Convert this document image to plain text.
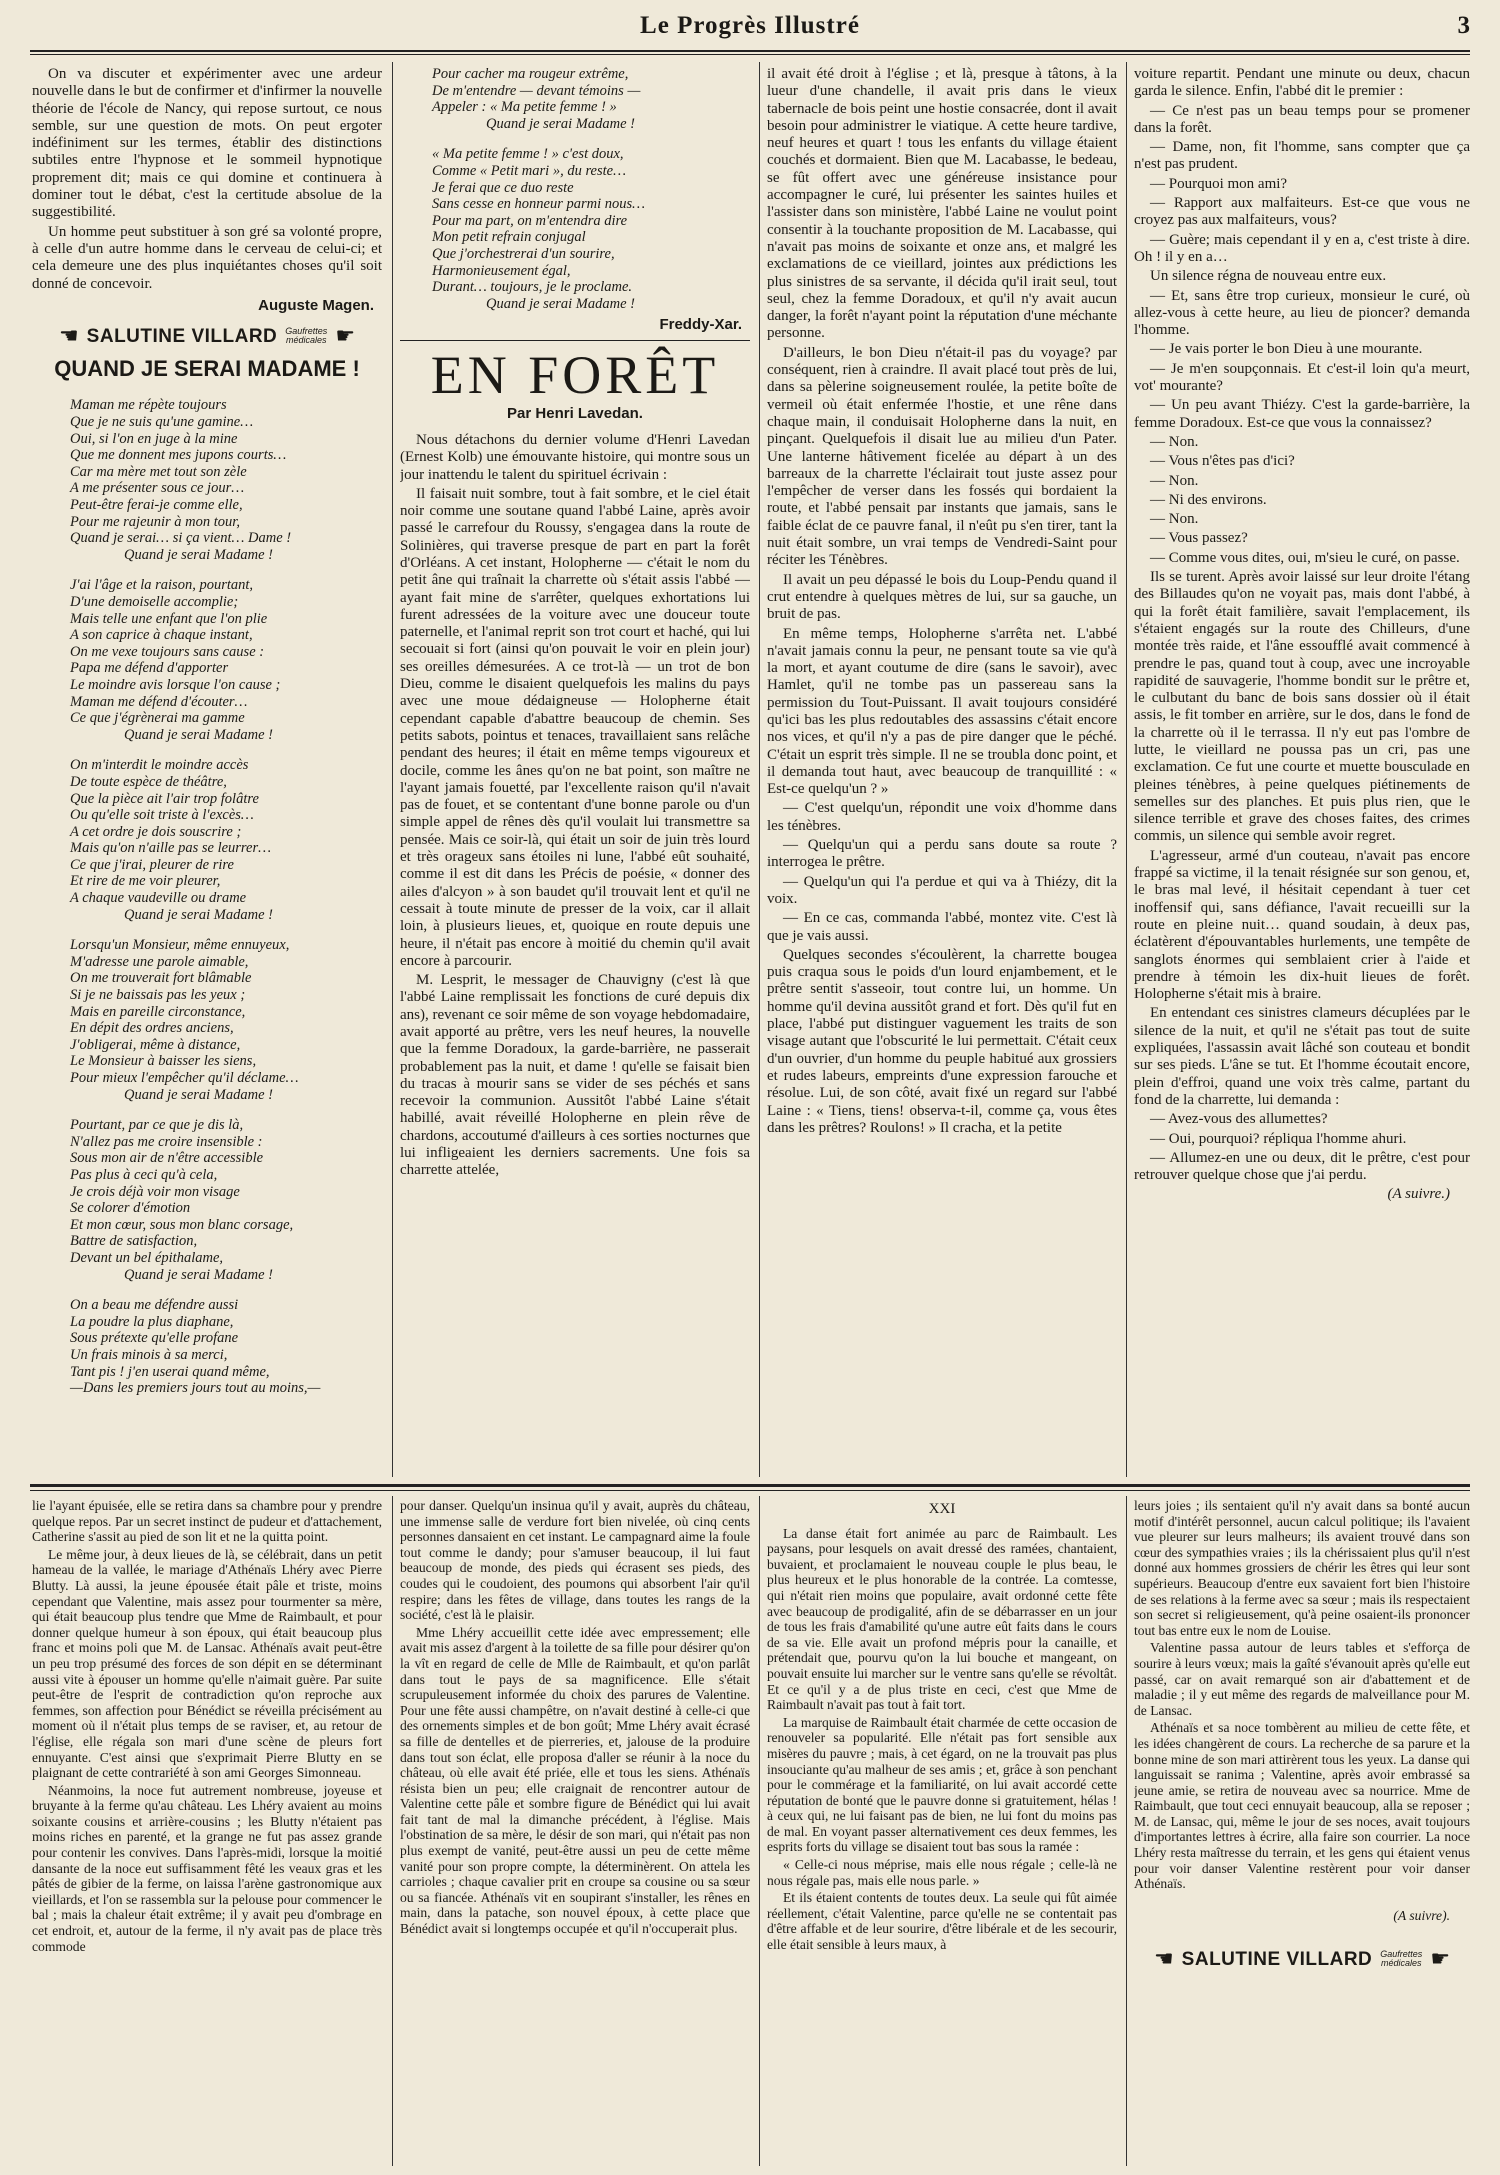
Le Progrès Illustré	3

On va discuter et expérimenter avec une ardeur nouvelle dans le but de confirmer et d'infirmer la nouvelle théorie de l'école de Nancy, qui repose surtout, ce nous semble, sur une question de mots. On peut ergoter indéfiniment sur les termes, établir des distinctions subtiles entre l'hypnose et le sommeil hypnotique proprement dit; mais ce qui domine et continuera à dominer tout le débat, c'est la certitude absolue de la suggestibilité.

Un homme peut substituer à son gré sa volonté propre, à celle d'un autre homme dans le cerveau de celui-ci; et cela demeure une des plus inquiétantes choses qu'il soit donné de concevoir.

Auguste Magen.
☚ SALUTINE VILLARD Gaufrettes
médicales ☛
QUAND JE SERAI MADAME !
Maman me répète toujours
Que je ne suis qu'une gamine…
Oui, si l'on en juge à la mine
Que me donnent mes jupons courts…
Car ma mère met tout son zèle
A me présenter sous ce jour…
Peut-être ferai-je comme elle,
Pour me rajeunir à mon tour,
Quand je serai… si ça vient… Dame !
Quand je serai Madame !
J'ai l'âge et la raison, pourtant,
D'une demoiselle accomplie;
Mais telle une enfant que l'on plie
A son caprice à chaque instant,
On me vexe toujours sans cause :
Papa me défend d'apporter
Le moindre avis lorsque l'on cause ;
Maman me défend d'écouter…
Ce que j'égrènerai ma gamme
Quand je serai Madame !
On m'interdit le moindre accès
De toute espèce de théâtre,
Que la pièce ait l'air trop folâtre
Ou qu'elle soit triste à l'excès…
A cet ordre je dois souscrire ;
Mais qu'on n'aille pas se leurrer…
Ce que j'irai, pleurer de rire
Et rire de me voir pleurer,
A chaque vaudeville ou drame
Quand je serai Madame !
Lorsqu'un Monsieur, même ennuyeux,
M'adresse une parole aimable,
On me trouverait fort blâmable
Si je ne baissais pas les yeux ;
Mais en pareille circonstance,
En dépit des ordres anciens,
J'obligerai, même à distance,
Le Monsieur à baisser les siens,
Pour mieux l'empêcher qu'il déclame…
Quand je serai Madame !
Pourtant, par ce que je dis là,
N'allez pas me croire insensible :
Sous mon air de n'être accessible
Pas plus à ceci qu'à cela,
Je crois déjà voir mon visage
Se colorer d'émotion
Et mon cœur, sous mon blanc corsage,
Battre de satisfaction,
Devant un bel épithalame,
Quand je serai Madame !
On a beau me défendre aussi
La poudre la plus diaphane,
Sous prétexte qu'elle profane
Un frais minois à sa merci,
Tant pis ! j'en userai quand même,
—Dans les premiers jours tout au moins,—
Pour cacher ma rougeur extrême,
De m'entendre — devant témoins —
Appeler : « Ma petite femme ! »
Quand je serai Madame !
« Ma petite femme ! » c'est doux,
Comme « Petit mari », du reste…
Je ferai que ce duo reste
Sans cesse en honneur parmi nous…
Pour ma part, on m'entendra dire
Mon petit refrain conjugal
Que j'orchestrerai d'un sourire,
Harmonieusement égal,
Durant… toujours, je le proclame.
Quand je serai Madame !
Freddy-Xar.
EN FORÊT
Par Henri Lavedan.

Nous détachons du dernier volume d'Henri Lavedan (Ernest Kolb) une émouvante histoire, qui montre sous un jour inattendu le talent du spirituel écrivain :

Il faisait nuit sombre, tout à fait sombre, et le ciel était noir comme une soutane quand l'abbé Laine, après avoir passé le carrefour du Roussy, s'engagea dans la route de Solinières, qui traverse presque de part en part la forêt d'Orléans. A cet instant, Holopherne — c'était le nom du petit âne qui traînait la charrette où s'était assis l'abbé — ayant fait mine de s'arrêter, quelques exhortations lui furent adressées de la voiture avec une douceur toute paternelle, et l'animal reprit son trot court et haché, qui lui secouait si fort (ainsi qu'on pouvait le voir en plein jour) ses oreilles démesurées. A ce trot-là — un trot de bon Dieu, comme le disaient quelquefois les malins du pays avec une moue dédaigneuse — Holopherne était cependant capable d'abattre beaucoup de chemin. Ses petits sabots, pointus et tenaces, travaillaient sans relâche pendant des heures; il était en même temps vigoureux et docile, comme les ânes qu'on ne bat point, son maître ne l'ayant jamais fouetté, par l'excellente raison qu'il n'avait pas de fouet, et se contentant d'une bonne parole ou d'un simple appel de rênes dès qu'il voulait lui transmettre sa pensée. Mais ce soir-là, qui était un soir de juin très lourd et très orageux sans étoiles ni lune, l'abbé eût souhaité, comme il est dit dans les Précis de poésie, « donner des ailes d'alcyon » à son baudet qu'il trouvait lent et qu'il ne cessait à toute minute de presser de la voix, car il allait loin, à plusieurs lieues, et, quoique en route depuis une heure, il n'était pas encore à moitié du chemin qu'il avait encore à parcourir.

M. Lesprit, le messager de Chauvigny (c'est là que l'abbé Laine remplissait les fonctions de curé depuis dix ans), revenant ce soir même de son voyage hebdomadaire, avait apporté au prêtre, vers les neuf heures, la nouvelle que la femme Doradoux, la garde-barrière, ne passerait probablement pas la nuit, et dame ! qu'elle se faisait bien du tracas à mourir sans se vider de ses péchés et sans recevoir la communion. Aussitôt l'abbé Laine s'était habillé, avait réveillé Holopherne en plein rêve de chardons, accoutumé d'ailleurs à ces sorties nocturnes que lui infligeaient les derniers sacrements. Une fois sa charrette attelée,

il avait été droit à l'église ; et là, presque à tâtons, à la lueur d'une chandelle, il avait pris dans le vieux tabernacle de bois peint une hostie consacrée, dont il avait besoin pour administrer le viatique. A cette heure tardive, neuf heures et quart ! tous les enfants du village étaient couchés et dormaient. Bien que M. Lacabasse, le bedeau, se fût offert avec une généreuse insistance pour accompagner le curé, lui présenter les saintes huiles et l'assister dans son ministère, l'abbé Laine ne voulut point consentir à la touchante proposition de M. Lacabasse, qui n'avait pas moins de soixante et onze ans, et malgré les exclamations de ce vieillard, jointes aux prédictions les plus sinistres de sa servante, il décida qu'il irait seul, tout seul, chez la femme Doradoux, et qu'il n'y avait aucun danger, la forêt n'ayant point la réputation d'une méchante personne.

D'ailleurs, le bon Dieu n'était-il pas du voyage? par conséquent, rien à craindre. Il avait placé tout près de lui, dans sa pèlerine soigneusement roulée, la petite boîte de vermeil où était enfermée l'hostie, et une rêne dans chaque main, il conduisait Holopherne dans la nuit, en pinçant. Quelquefois il disait lue au milieu d'un Pater. Une lanterne hâtivement ficelée au départ à un des barreaux de la charrette l'éclairait tout juste assez pour l'empêcher de verser dans les fossés qui bordaient la route, et l'abbé pensait par instants que jamais, sans le faible éclat de ce pauvre fanal, il n'eût pu s'en tirer, tant la nuit était sombre, un vrai temps de Vendredi-Saint pour réciter les Ténèbres.

Il avait un peu dépassé le bois du Loup-Pendu quand il crut entendre à quelques mètres de lui, sur sa gauche, un bruit de pas.

En même temps, Holopherne s'arrêta net. L'abbé n'avait jamais connu la peur, ne pensant toute sa vie qu'à la mort, et ayant coutume de dire (sans le savoir), avec Hamlet, qu'il ne tombe pas un passereau sans la permission du Tout-Puissant. Il avait toujours considéré qu'ici bas les plus redoutables des assassins c'était encore nos vices, et qu'il n'y a pas de pire danger que le péché. C'était un esprit très simple. Il ne se troubla donc point, et il demanda tout haut, avec beaucoup de tranquillité : « Est-ce quelqu'un ? »

— C'est quelqu'un, répondit une voix d'homme dans les ténèbres.

— Quelqu'un qui a perdu sans doute sa route ? interrogea le prêtre.

— Quelqu'un qui l'a perdue et qui va à Thiézy, dit la voix.

— En ce cas, commanda l'abbé, montez vite. C'est là que je vais aussi.

Quelques secondes s'écoulèrent, la charrette bougea puis craqua sous le poids d'un lourd enjambement, et le prêtre sentit s'asseoir, tout contre lui, un homme. Un homme qu'il devina aussitôt grand et fort. Dès qu'il fut en place, l'abbé put distinguer vaguement les traits de son visage autant que l'obscurité le lui permettait. C'était ceux d'un ouvrier, d'un homme du peuple habitué aux grossiers et rudes labeurs, empreints d'une expression farouche et résolue. Lui, de son côté, avait fixé un regard sur l'abbé Laine : « Tiens, tiens! observa-t-il, comme ça, vous êtes dans les prêtres? Roulons! » Il cracha, et la petite

voiture repartit. Pendant une minute ou deux, chacun garda le silence. Enfin, l'abbé dit le premier :

— Ce n'est pas un beau temps pour se promener dans la forêt.

— Dame, non, fit l'homme, sans compter que ça n'est pas prudent.

— Pourquoi mon ami?

— Rapport aux malfaiteurs. Est-ce que vous ne croyez pas aux malfaiteurs, vous?

— Guère; mais cependant il y en a, c'est triste à dire. Oh ! il y en a…

Un silence régna de nouveau entre eux.

— Et, sans être trop curieux, monsieur le curé, où allez-vous à cette heure, au lieu de pioncer? demanda l'homme.

— Je vais porter le bon Dieu à une mourante.

— Je m'en soupçonnais. Et c'est-il loin qu'a meurt, vot' mourante?

— Un peu avant Thiézy. C'est la garde-barrière, la femme Doradoux. Est-ce que vous la connaissez?

— Non.

— Vous n'êtes pas d'ici?

— Non.

— Ni des environs.

— Non.

— Vous passez?

— Comme vous dites, oui, m'sieu le curé, on passe.

Ils se turent. Après avoir laissé sur leur droite l'étang des Billaudes qu'on ne voyait pas, mais dont l'abbé, à qui la forêt était familière, savait l'emplacement, ils s'étaient engagés sur la route des Chilleurs, d'une montée très raide, et l'âne essoufflé avait commencé à prendre le pas, quand tout à coup, avec une incroyable rapidité de sauvagerie, l'homme bondit sur le prêtre et, le culbutant du banc de bois sans dossier où il était assis, le fit tomber en arrière, sur le dos, dans le fond de la charrette où il le terrassa. Il n'y eut pas l'ombre de lutte, le vieillard ne poussa pas un cri, pas une exclamation. Ce fut une courte et muette bousculade en pleines ténèbres, à peine quelques piétinements de semelles sur des planches. Et puis plus rien, que le silence terrible et grave des choses faites, des crimes commis, un silence qui semble avoir regret.

L'agresseur, armé d'un couteau, n'avait pas encore frappé sa victime, il la tenait résignée sur son genou, et, le bras mal levé, il hésitait cependant à tuer cet inoffensif qui, sans défiance, l'avait recueilli sur la route en pleine nuit… quand soudain, à deux pas, éclatèrent d'épouvantables hurlements, une tempête de sanglots énormes qui semblaient crier à l'aide et prendre à témoin les dix-huit lieues de forêt. Holopherne s'était mis à braire.

En entendant ces sinistres clameurs décuplées par le silence de la nuit, et qu'il ne s'était pas tout de suite expliquées, l'assassin avait lâché son couteau et bondit sur ses pieds. L'âne se tut. Et l'homme écoutait encore, plein d'effroi, quand une voix très calme, partant du fond de la charrette, lui demanda :

— Avez-vous des allumettes?

— Oui, pourquoi? répliqua l'homme ahuri.

— Allumez-en une ou deux, dit le prêtre, c'est pour retrouver quelque chose que j'ai perdu.

(A suivre.)

lie l'ayant épuisée, elle se retira dans sa chambre pour y prendre quelque repos. Par un secret instinct de pudeur et d'attachement, Catherine s'assit au pied de son lit et ne la quitta point.

Le même jour, à deux lieues de là, se célébrait, dans un petit hameau de la vallée, le mariage d'Athénaïs Lhéry avec Pierre Blutty. Là aussi, la jeune épousée était pâle et triste, moins cependant que Valentine, mais assez pour tourmenter sa mère, qui était beaucoup plus tendre que Mme de Raimbault, et pour donner quelque humeur à son époux, qui était beaucoup plus franc et moins poli que M. de Lansac. Athénaïs avait peut-être un peu trop présumé des forces de son dépit en se déterminant aussi vite à épouser un homme qu'elle n'aimait guère. Par suite peut-être de l'esprit de contradiction qu'on reproche aux femmes, son affection pour Bénédict se réveilla précisément au moment où il n'était plus temps de se raviser, et, au retour de l'église, elle régala son mari d'une scène de pleurs fort ennuyante. C'est ainsi que s'exprimait Pierre Blutty en se plaignant de cette contrariété à son ami Georges Simonneau.

Néanmoins, la noce fut autrement nombreuse, joyeuse et bruyante à la ferme qu'au château. Les Lhéry avaient au moins soixante cousins et arrière-cousins ; les Blutty n'étaient pas moins riches en parenté, et la grange ne fut pas assez grande pour contenir les convives. Dans l'après-midi, lorsque la moitié dansante de la noce eut suffisamment fêté les veaux gras et les pâtés de gibier de la ferme, on laissa l'arène gastronomique aux vieillards, et l'on se rassembla sur la pelouse pour commencer le bal ; mais la chaleur était extrême; il y avait peu d'ombrage en cet endroit, et, autour de la ferme, il n'y avait pas de place très commode

pour danser. Quelqu'un insinua qu'il y avait, auprès du château, une immense salle de verdure fort bien nivelée, où cinq cents personnes dansaient en cet instant. Le campagnard aime la foule tout comme le dandy; pour s'amuser beaucoup, il lui faut beaucoup de monde, des pieds qui écrasent ses pieds, des coudes qui le coudoient, des poumons qui absorbent l'air qu'il respire; dans les fêtes de village, dans toutes les rangs de la société, c'est là le plaisir.

Mme Lhéry accueillit cette idée avec empressement; elle avait mis assez d'argent à la toilette de sa fille pour désirer qu'on la vît en regard de celle de Mlle de Raimbault, et qu'on parlât dans tout le pays de sa magnificence. Elle s'était scrupuleusement informée du choix des parures de Valentine. Pour une fête aussi champêtre, on n'avait destiné à celle-ci que des ornements simples et de bon goût; Mme Lhéry avait écrasé sa fille de dentelles et de pierreries, et, jalouse de la produire dans tout son éclat, elle proposa d'aller se réunir à la noce du château, où elle avait été priée, elle et tous les siens. Athénaïs résista bien un peu; elle craignait de rencontrer autour de Valentine cette pâle et sombre figure de Bénédict qui lui avait fait tant de mal la dimanche précédent, à l'église. Mais l'obstination de sa mère, le désir de son mari, qui n'était pas non plus exempt de vanité, peut-être aussi un peu de cette même vanité pour son propre compte, la déterminèrent. On attela les carrioles ; chaque cavalier prit en croupe sa cousine ou sa sœur ou sa fiancée. Athénaïs vit en soupirant s'installer, les rênes en main, dans la patache, son nouvel époux, à cette place que Bénédict avait si longtemps occupée et qu'il n'occuperait plus.

XXI

La danse était fort animée au parc de Raimbault. Les paysans, pour lesquels on avait dressé des ramées, chantaient, buvaient, et proclamaient le nouveau couple le plus beau, le plus heureux et le plus honorable de la contrée. La comtesse, qui n'était rien moins que populaire, avait ordonné cette fête avec beaucoup de prodigalité, afin de se débarrasser en un jour de tous les frais d'amabilité qu'une autre eût faits dans le cours de sa vie. Elle avait un profond mépris pour la canaille, et prétendait que, pourvu qu'on la lui bouche et mangeant, on pouvait ensuite lui marcher sur le ventre sans qu'elle se révoltât. Et ce qu'il y a de plus triste en ceci, c'est que Mme de Raimbault n'avait pas tout à fait tort.

La marquise de Raimbault était charmée de cette occasion de renouveler sa popularité. Elle n'était pas fort sensible aux misères du pauvre ; mais, à cet égard, on ne la trouvait pas plus insouciante qu'au malheur de ses amis ; et, grâce à son penchant pour le commérage et la familiarité, on lui avait accordé cette réputation de bonté que le pauvre donne si gratuitement, hélas ! à ceux qui, ne lui faisant pas de bien, ne lui font du moins pas de mal. En voyant passer alternativement ces deux femmes, les esprits forts du village se disaient tout bas sous la ramée :

« Celle-ci nous méprise, mais elle nous régale ; celle-là ne nous régale pas, mais elle nous parle. »

Et ils étaient contents de toutes deux. La seule qui fût aimée réellement, c'était Valentine, parce qu'elle ne se contentait pas d'être affable et de leur sourire, d'être libérale et de les secourir, elle était sensible à leurs maux, à

leurs joies ; ils sentaient qu'il n'y avait dans sa bonté aucun motif d'intérêt personnel, aucun calcul politique; ils l'avaient vue pleurer sur leurs malheurs; ils avaient trouvé dans son cœur des sympathies vraies ; ils la chérissaient plus qu'il n'est donné aux hommes grossiers de chérir les êtres qui leur sont supérieurs. Beaucoup d'entre eux savaient fort bien l'histoire de ses relations à la ferme avec sa sœur ; mais ils respectaient son secret si religieusement, qu'à peine osaient-ils prononcer tout bas entre eux le nom de Louise.

Valentine passa autour de leurs tables et s'efforça de sourire à leurs vœux; mais la gaîté s'évanouit après qu'elle eut passé, car on avait remarqué son air d'abattement et de maladie ; il y eut même des regards de malveillance pour M. de Lansac.

Athénaïs et sa noce tombèrent au milieu de cette fête, et les idées changèrent de cours. La recherche de sa parure et la bonne mine de son mari attirèrent tous les yeux. La danse qui languissait se ranima ; Valentine, après avoir embrassé sa jeune amie, se retira de nouveau avec sa nourrice. Mme de Raimbault, que tout ceci ennuyait beaucoup, alla se reposer ; M. de Lansac, qui, même le jour de ses noces, avait toujours d'importantes lettres à écrire, alla faire son courrier. La noce Lhéry resta maîtresse du terrain, et les gens qui étaient venus pour voir danser Valentine restèrent pour voir danser Athénaïs.

(A suivre).
☚ SALUTINE VILLARD Gaufrettes
médicales ☛
